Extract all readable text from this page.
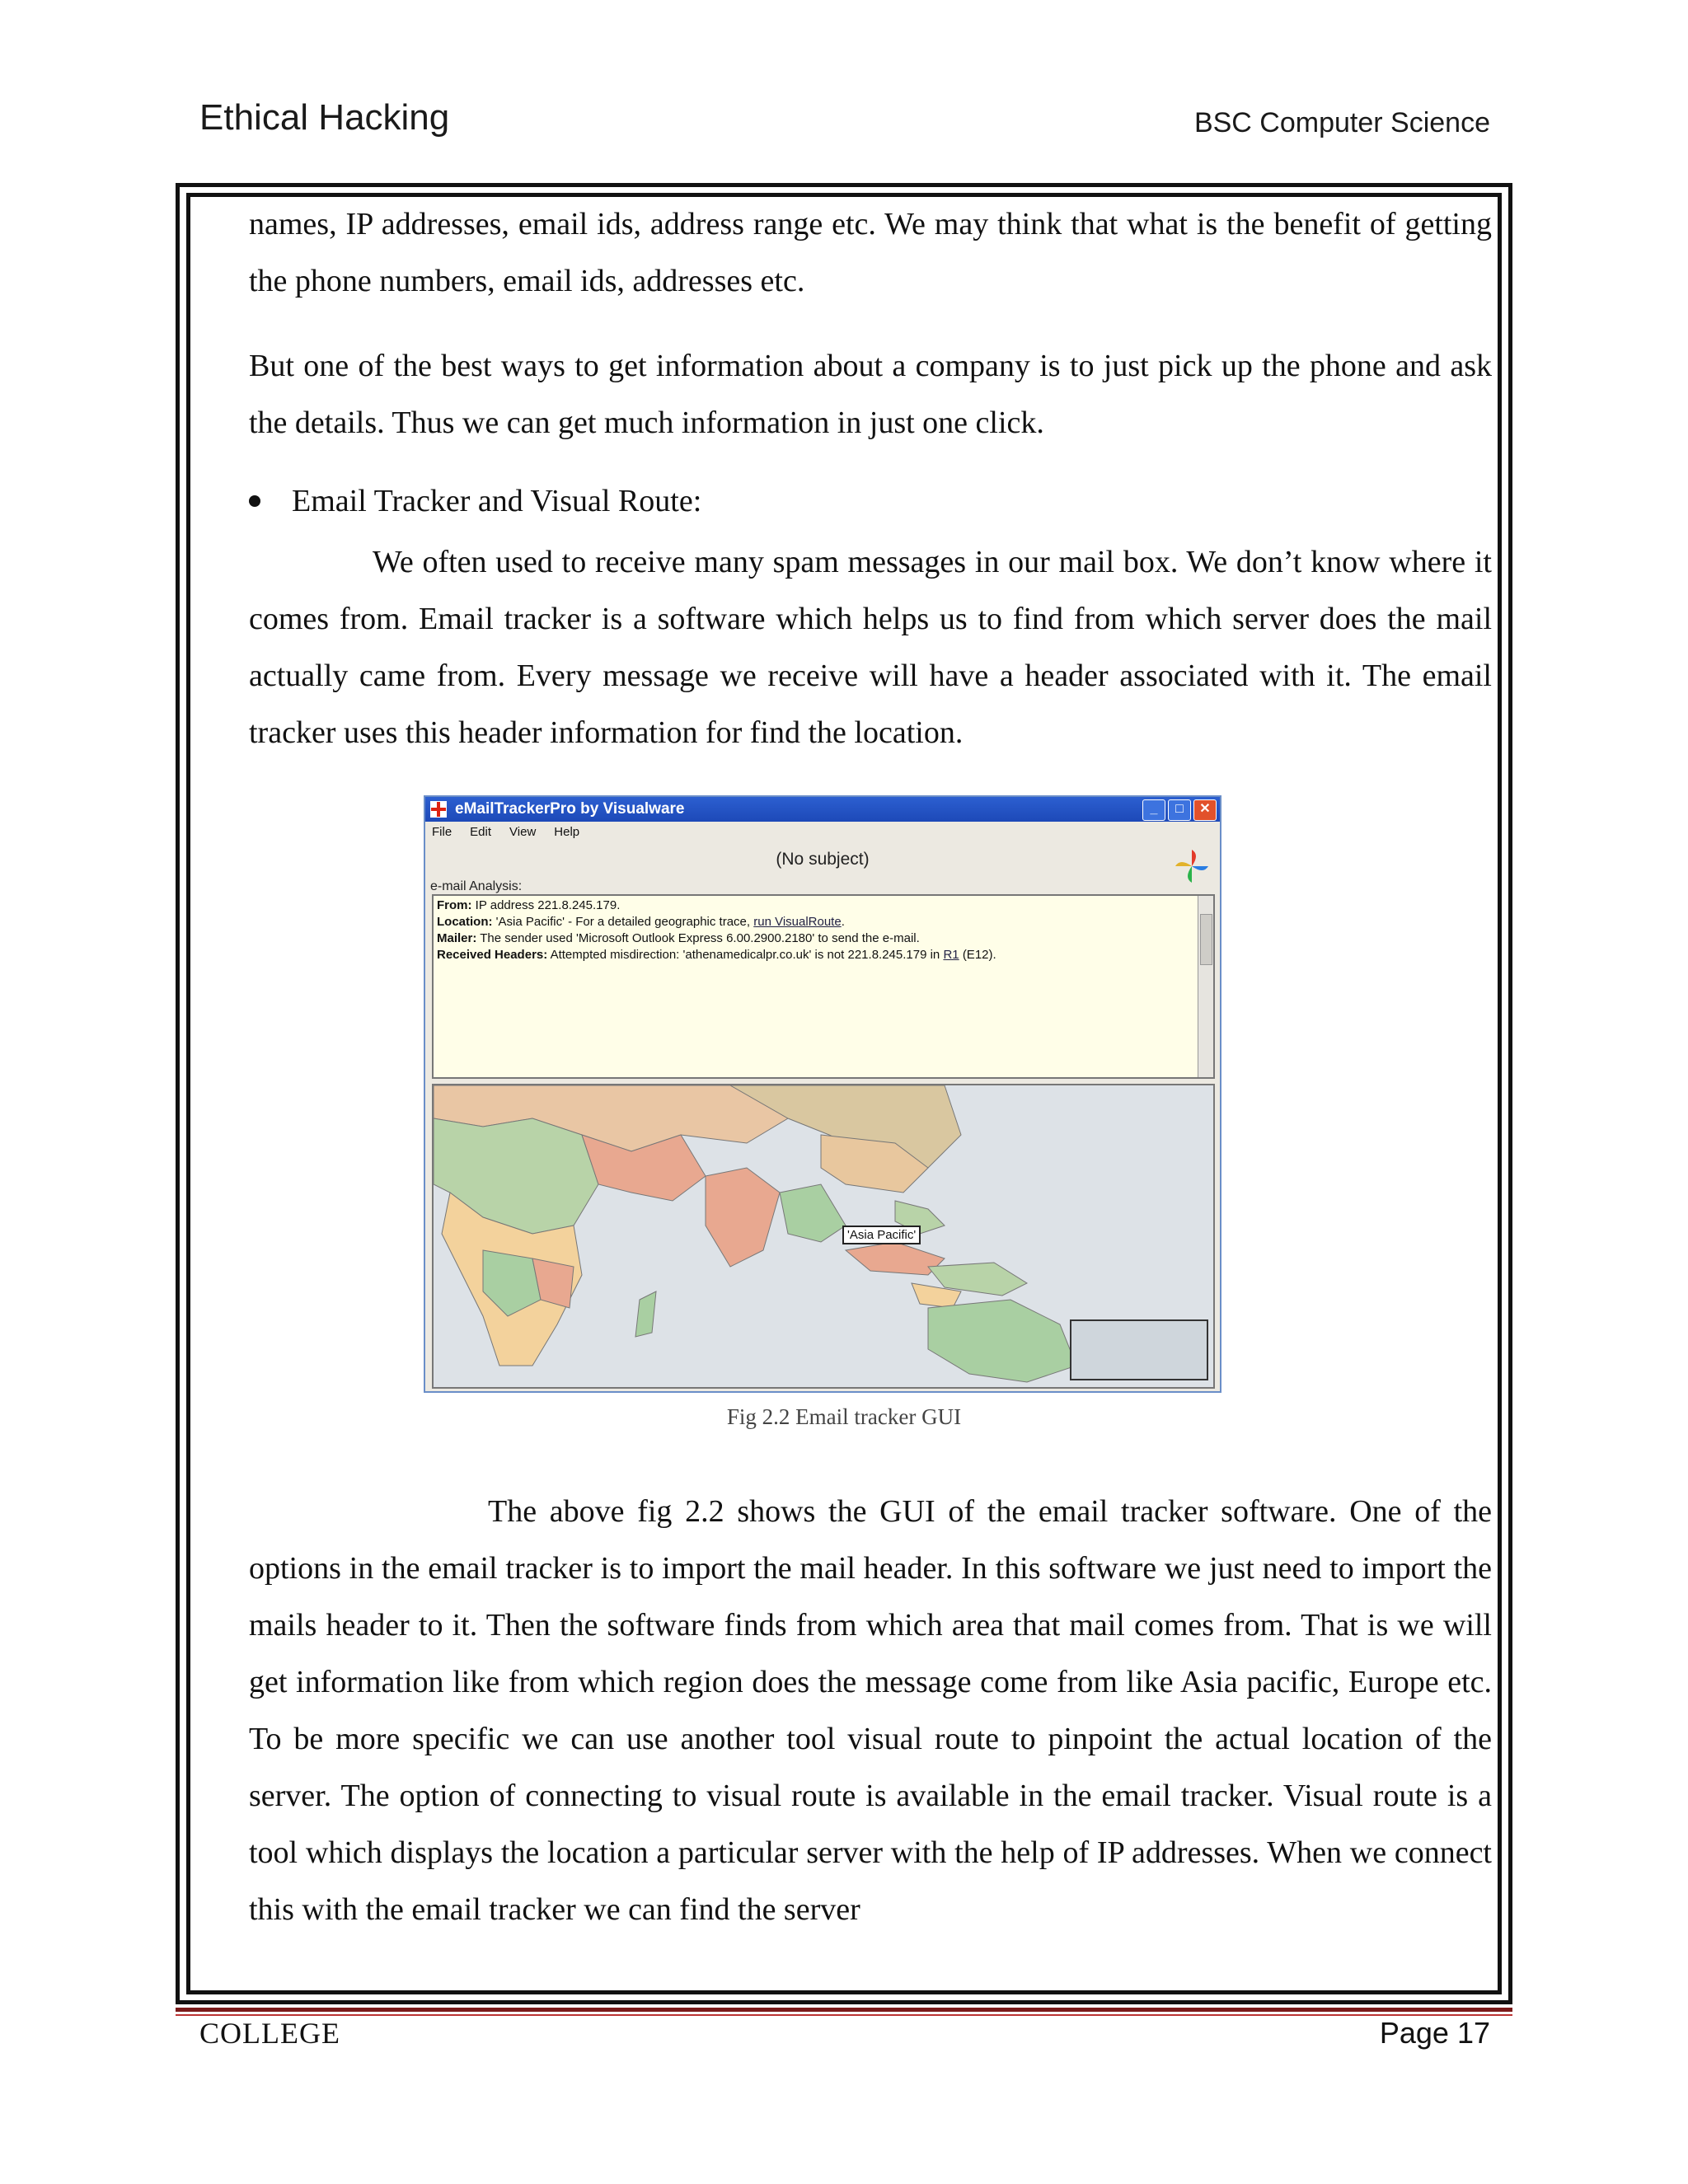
Ethical Hacking	BSC Computer Science

names, IP addresses, email ids, address range etc. We may think that what is the benefit of getting the phone numbers, email ids, addresses etc.

But one of the best ways to get information about a company is to just pick up the phone and ask the details. Thus we can get much information in just one click.

Email Tracker and Visual Route:

We often used to receive many spam messages in our mail box. We don’t know where it comes from. Email tracker is a software which helps us to find from which server does the mail actually came from. Every message we receive will have a header associated with it. The email tracker uses this header information for find the location.

eMailTrackerPro by Visualware	_	□	✕
File Edit View Help
(No subject)
e-mail Analysis:
From: IP address 221.8.245.179.
Location: 'Asia Pacific' - For a detailed geographic trace, run VisualRoute.
Mailer: The sender used 'Microsoft Outlook Express 6.00.2900.2180' to send the e-mail.
Received Headers: Attempted misdirection: 'athenamedicalpr.co.uk' is not 221.8.245.179 in R1 (E12).
'Asia Pacific'
Fig 2.2 Email tracker GUI

The above fig 2.2 shows the GUI of the email tracker software. One of the options in the email tracker is to import the mail header. In this software we just need to import the mails header to it. Then the software finds from which area that mail comes from. That is we will get information like from which region does the message come from like Asia pacific, Europe etc. To be more specific we can use another tool visual route to pinpoint the actual location of the server. The option of connecting to visual route is available in the email tracker. Visual route is a tool which displays the location a particular server with the help of IP addresses. When we connect this with the email tracker we can find the server

COLLEGE	Page 17
